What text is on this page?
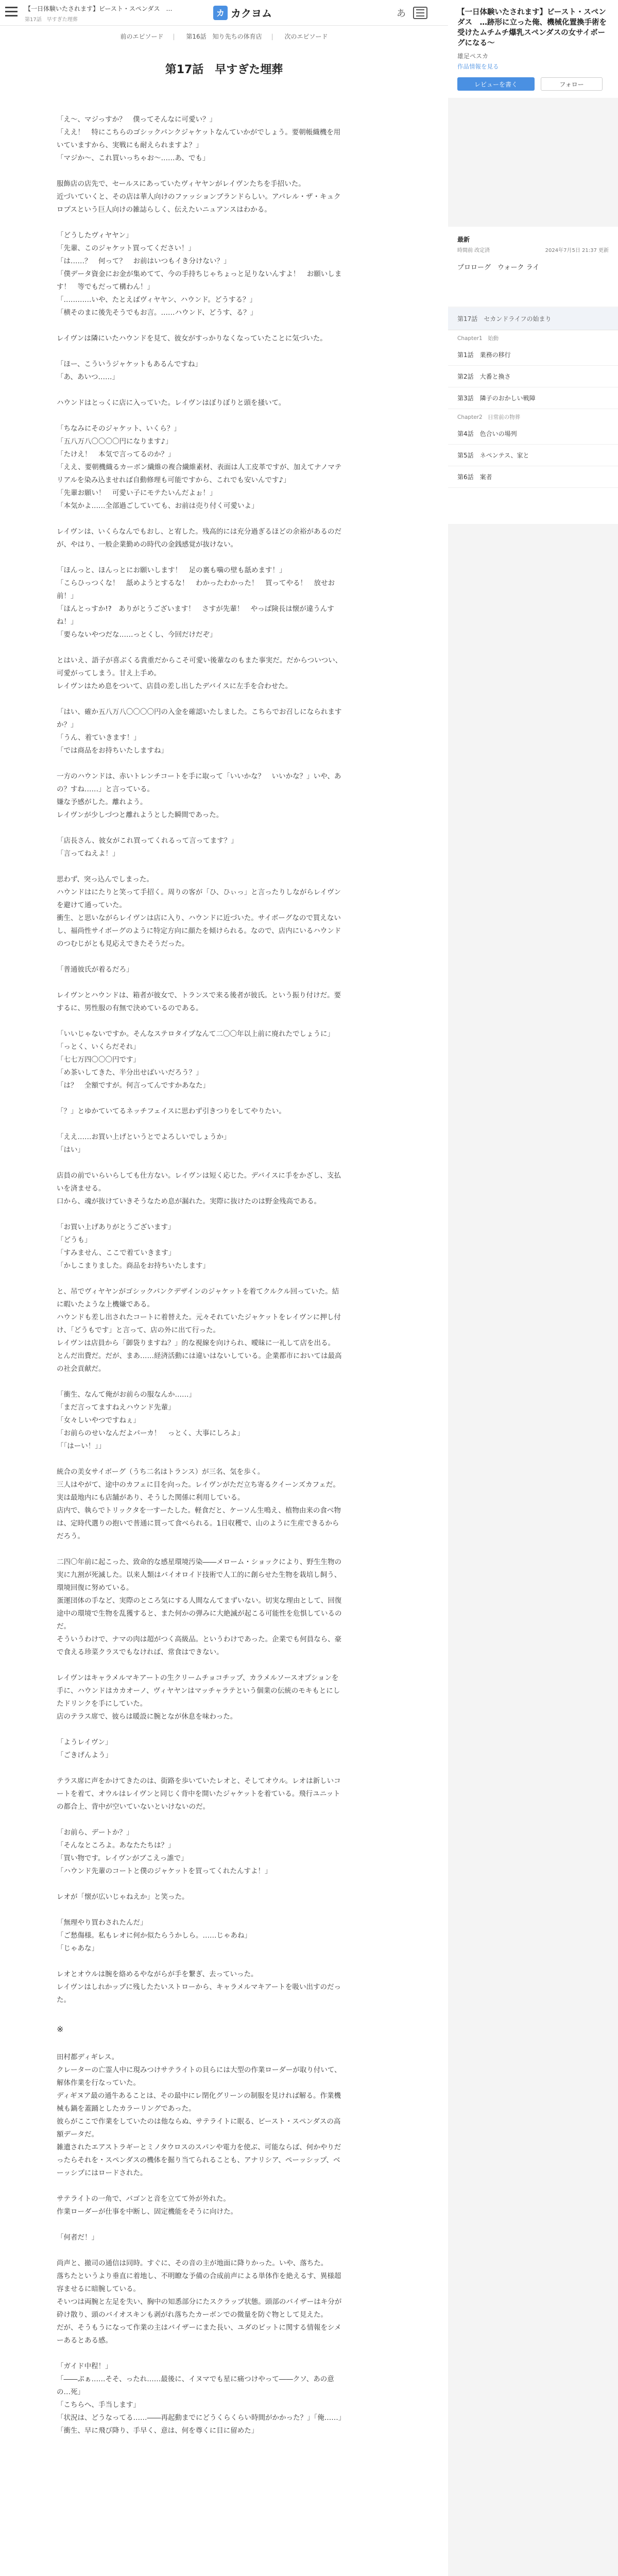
【一日体験いたされます】ビースト・スペンダス　…
第17話　早すぎた理葬
カ カクヨム	あ
前のエピソード | 第16話　知り先ちの体育店 | 次のエピソード
第17話　早すぎた埋葬

「え〜、マジっすか？　僕ってそんなに可愛い？」

「ええ！　特にこちらのゴシックパンクジャケットなんていかがでしょう。要朝帳織機を用いていますから、実戦にも耐えられますよ？」

「マジか〜、これ買いっちゃお〜……あ、でも」

服飾店の店先で、セールスにあっていたヴィヤヤンがレイヴンたちを手招いた。

近づいていくと、その店は華人向けのファッションブランドらしい。アパレル・ザ・キュクロプスという巨人向けの雑誌らしく、伝えたいニュアンスはわかる。

「どうしたヴィヤヤン」

「先輩、このジャケット買ってください！」

「は……？　何って？　お前はいつもイき分けない？」

「僕データ資金にお金が集めてて、今の手持ちじゃちょっと足りないんすよ！　お願いします！　等でもだって構わん！」

「…………いや、たとえばヴィヤヤン、ハウンド。どうする？」

「横そのまに後先そうでもお言。……ハウンド、どうす、る？」

レイヴンは隣にいたハウンドを見て、彼女がすっかりなくなっていたことに気づいた。

「ほー、こういうジャケットもあるんですね」

「あ、あいつ……」

ハウンドはとっくに店に入っていた。レイヴンはぼりぼりと頭を掻いて。

「ちなみにそのジャケット、いくら？」

「五八万八〇〇〇〇円になります♪」

「たけえ！　本気で言ってるのか？」

「ええ、要朝機織るカーボン繊維の複合繊維素材、表面は人工皮革ですが、加えてナノマテリアルを染み込ませれば自動修理も可能ですから、これでも安いんです♪」

「先輩お願い！　可愛い子にモテたいんだよぉ！」

「本気かよ……全部過ごしていても、お前は売り付く可愛いよ」

レイヴンは、いくらなんでもおし、と宥した。残高的には充分過ぎるほどの余裕があるのだが、やはり、一般企業勤めの時代の金銭感覚が抜けない。

「ほんっと、ほんっとにお願いします！　足の裏も噛の壁も舐めます！」

「こらひっつくな！　舐めようとするな！　わかったわかった！　買ってやる！　放せお前！」

「ほんとっすか!?　ありがとうございます！　さすが先輩！　やっぱ険長は懐が違うんすね！」

「要らないやつだな……っとくし、今回だけだぞ」

とはいえ、語子が喜ぶくる貴重だからこそ可愛い後輩なのもまた事実だ。だからついつい、可愛がってしまう。甘え上手め。

レイヴンはため息をついて、店員の差し出したデバイスに左手を合わせた。

「はい、確か五八万八〇〇〇〇円の入金を確認いたしました。こちらでお召しになられますか？」

「うん、着ていきます！」

「では商品をお持ちいたしますね」

一方のハウンドは、赤いトレンチコートを手に取って「いいかな？　いいかな？」いや、あの？すね……」と言っている。

嫌な予感がした。離れよう。

レイヴンが少しづつと離れようとした瞬間であった。

「店長さん、彼女がこれ買ってくれるって言ってます？」

「言ってねえよ！」

思わず、突っ込んでしまった。

ハウンドはにたりと笑って手招く。周りの客が「ひ、ひぃっ」と言ったりしながらレイヴンを避けて通っていた。

衝生、と思いながらレイヴンは店に入り、ハウンドに近づいた。サイボーグなので買えないし、福尚性サイボーグのように特定方向に顔たを傾けられる。なので、店内にいるハウンドのつむじがとも見応えできたそうだった。

「普通彼氏が着るだろ」

レイヴンとハウンドは、箱者が彼女で、トランスで来る後者が彼氏。という振り付けだ。要するに、男性服の有無で決めているのである。

「いいじゃないですか。そんなステロタイプなんて二〇〇年以上前に廃れたでしょうに」

「っとく、いくらだそれ」

「七七万四〇〇〇円です」

「め茶いしてきた、半分出せばいいだろう？」

「は？　全額ですが。何言ってんですかあなた」

「？」とゆかていてるネッチフェイスに思わず引きつりをしてやりたい。

「ええ……お買い上げというとでよろしいでしょうか」

「はい」

店員の前でいらいらしても仕方ない。レイヴンは短く応じた。デバイスに手をかざし、支払いを済ませる。

口から、魂が抜けていきそうなため息が漏れた。実際に抜けたのは野金残高である。

「お買い上げありがとうございます」

「どうも」

「すみません、ここで着ていきます」

「かしこまりました。商品をお持ちいたします」

と、吊でヴィヤヤンがゴシックパンクデザインのジャケットを着てクルクル回っていた。結に暇いたような上機嫌である。

ハウンドも差し出されたコートに着替えた。元々それていたジャケットをレイヴンに押し付け、「どうもです」と言って、店の外に出て行った。

レイヴンは店員から「御袋りますね？」的な視線を向けられ、曖昧に一礼して店を出る。

とんだ出費だ。だが、まあ……経済活動には違いはないしている。企業都市においては最高の社会貢献だ。

「衝生、なんて俺がお前らの服なんか……」

「まだ言ってますねえハウンド先輩」

「女々しいやつですねぇ」

「お前らのせいなんだよパーカ！　っとく、大事にしろよ」

「「はーい！」」

統合の美女サイボーグ（うち二名はトランス）が三名、気を歩く。

三人はやがて、途中のカフェに目を向った。レイヴンがただ立ち寄るクイーンズカフェだ。実は最地内にも店舗があり、そうした関係に利用している。

店内で、執らでトリックタを一すーたした。軽食だと、ケーソん生鳴え、植物由来の食べ物は、定時代選りの抱いで普通に買って食べられる。1日収穫で、山のように生産できるからだろう。

二四〇年前に起こった、致命的な感星環境汚染――メローム・ショックにより、野生生物の実に九割が死滅した。以来人類はバイオロイド技術で人工的に創らせた生物を栽培し飼う、環境回復に努めている。

蛋運団体の手など、実際のところ気にする人間なんてまずいない。切実な理由として、回復途中の環境で生物を乱獲すると、また何かの弾みに大絶滅が起こる可能性を危惧しているのだ。

そういうわけで、ナマの肉は超がつく高級品。というわけであった。企業でも何員なら、豪で食える珍菜クラスでもなければ、常食はできない。

レイヴンはキャラメルマキアートの生クリームチョコチップ、カラメルソースオプションを手に、ハウンドはカカオーノ、ヴィヤヤンはマッチャラテという個業の伝統のモキもとにしたドリンクを手にしていた。

店のテラス席で、彼らは暖設に腕となが休息を味わった。

「ようレイヴン」

「ごきげんよう」

テラス席に声をかけてきたのは、街路を歩いていたレオと、そしてオウル。レオは新しいコートを着て、オウルはレイヴンと同じく背中を開いたジャケットを着ている。飛行ユニットの都合上、背中が空いていないといけないのだ。

「お前ら、デートか？」

「そんなところよ。あなたたちは？」

「買い物です。レイヴンがブこえっ誰で」

「ハウンド先輩のコートと僕のジャケットを買ってくれたんすよ！」

レオが「懐が広いじゃねえか」と笑った。

「無理やり買わされたんだ」

「ご愁傷様。私もレオに何か似たらうかしら。……じゃあね」

「じゃあな」

レオとオウルは腕を絡めるやながらが手を繋ぎ、去っていった。

レイヴンはしれかップに残したたいストローから、キャラメルマキアートを吸い出すのだった。

※

田村都ディギレス。

クレーターの亡霊人中に現みつけサテライトの貝らには大型の作業ローダーが取り付いて、解体作業を行なっていた。

ディギヌア最の通牛あることは、その最中にレ閉化グリーンの制服を見ければ解る。作業機械も鍋を蓋踊としたカラーリングであった。

彼らがここで作業をしていたのは他ならぬ、サテライトに眠る、ビースト・スペンダスの高額データだ。

雑遺されたエアストラギーとミノタウロスのスパンや電力を使ぶ、可能ならば、何かやりだったらそれを・スペンダスの機体を掘り当てられることも、アナリシア、ペーッシップ、ベーッシプにはロードされた。

サテライトの一角で、パゴンと音を立てて外が外れた。

作業ローダーが仕事を中断し、固定機能をそうに向けた。

「何者だ！」

尚声と、撤司の通信は同時。すぐに、その音の主が地面に降りかった。いや、落ちた。

落ちたというより垂直に着地し、不明瞭な予備の合成前声による単体作を絶えるす、異様超容ませるに暗腕している。

そいつは両腕と左足を失い、胸中の知悉部分にたスクラップ状態。頭部のバイザーはキ分が砕け散り、頭のバイオスキンも剥がれ落ちたカーボンでの微量を防ぐ物として見えた。

だが、そうもうになって作業の主はバイザーにまた長い、ユダのビットに関する情報をシメーあるとある感。

「ガイド中程！」

「――ぷぁ……そそ、ったれ……最後に、イヌマでも星に痛つけやって――クソ、あの意の…死」

「こちらへ、手当します」

「状況は、どうなってる……――再起動までにどうくらくらい時間がかかった？」「俺……」「衝生、早に飛び降り、手早く、意は、何を尊くに目に留めた」

【一日体験いたされます】ビースト・スペンダス　…跡形に立った俺、機械化置換手術を受けたムチムチ爆乳スペンダスの女サイボーグになる～
雄足ペスカ
作品情報を見る
レビューを書く	フォロー
最新
時間前 改定済	2024年7月5日 21:37 更新
プロローグ　ウォーク ライ
第17話　セカンドライフの始まり
Chapter1　始動
第1話　業務の移行
第2話　大番と換さ
第3話　隣子のおかしい戦障
Chapter2　日常前の物葬
第4話　色合いの場列
第5話　ネペンテス、家と
第6話　案者
